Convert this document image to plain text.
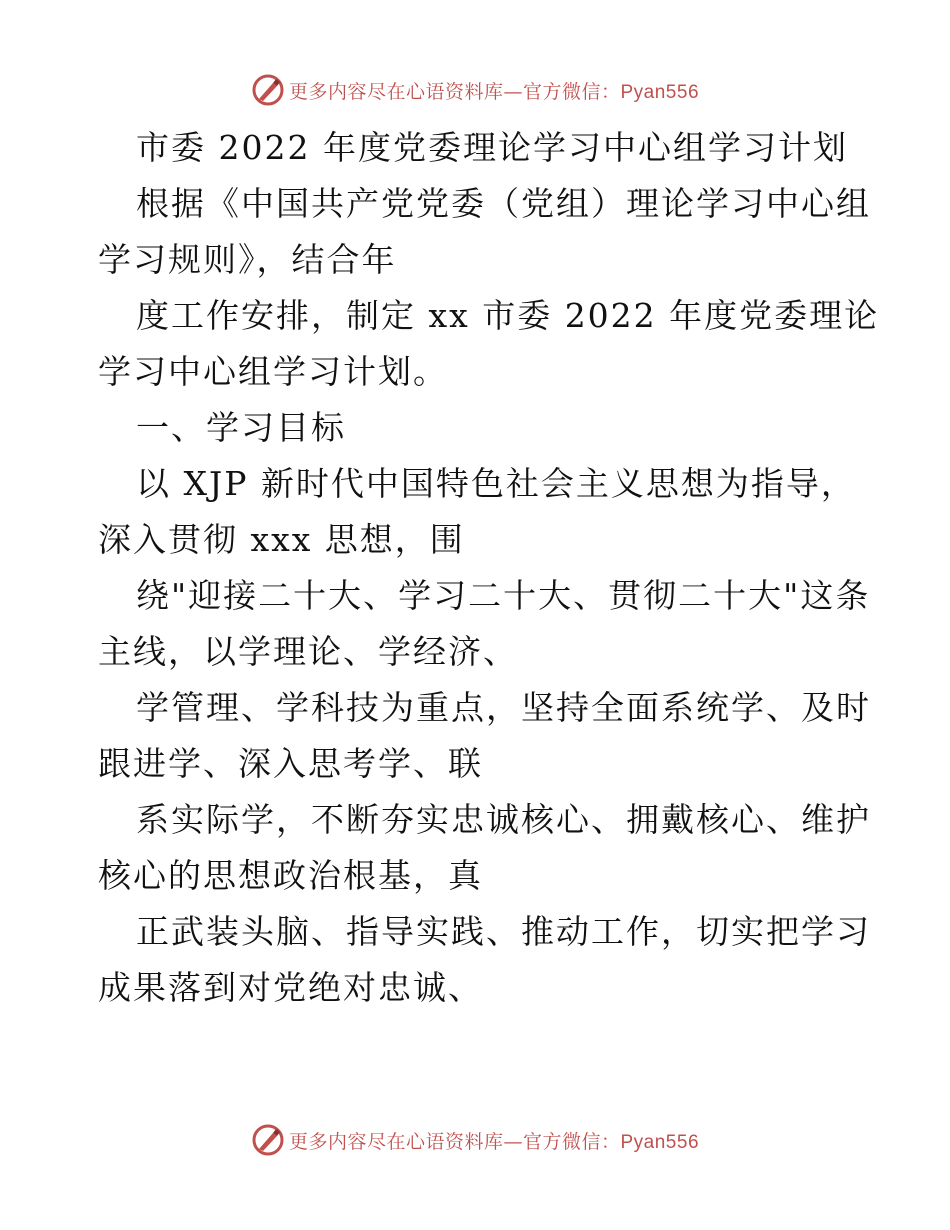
更多内容尽在心语资料库—官方微信：Pyan556
市委 2022 年度党委理论学习中心组学习计划
根据《中国共产党党委（党组）理论学习中心组
学习规则》，结合年
度工作安排，制定 xx 市委 2022 年度党委理论
学习中心组学习计划。
一、学习目标
以 XJP 新时代中国特色社会主义思想为指导，
深入贯彻 xxx 思想，围
绕"迎接二十大、学习二十大、贯彻二十大"这条
主线，以学理论、学经济、
学管理、学科技为重点，坚持全面系统学、及时
跟进学、深入思考学、联
系实际学，不断夯实忠诚核心、拥戴核心、维护
核心的思想政治根基，真
正武装头脑、指导实践、推动工作，切实把学习
成果落到对党绝对忠诚、
更多内容尽在心语资料库—官方微信：Pyan556
